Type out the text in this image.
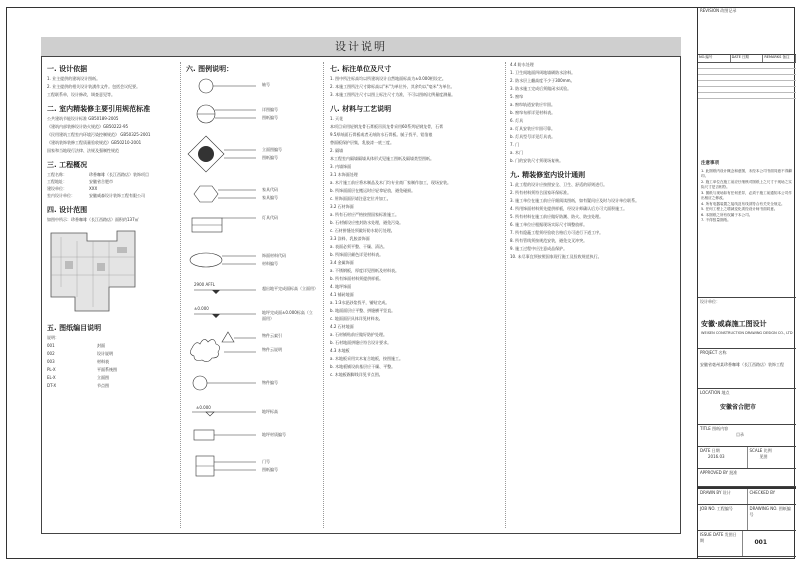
设计说明
一. 设计依据
1. 业主提供的建筑设计图纸。
2. 业主提供的相关设计装潢作文件。包括会议纪要。
工程联系单，设计修改，调查意见等。
二. 室内精装修主要引用规范标准
公共建筑节能设计标准 GB50189-2005
《建筑内部装修设计防火规范》GB50222-95
《民用建筑工程室内环境污染控制规范》 GB50325-2001
《建筑装饰装修工程质量验收规范》GB50210-2001
国家和当地现行法律、法规及强制性规范
三. 工程概况
工程名称：	珍香咖啡（长江西路店）装饰项目
工程地址：	安徽省合肥市
建设单位：	XXX
室内设计单位：	安徽威森设计装饰工程有限公司
四. 设计范围
如图中所示：珍香咖啡（长江西路店）面积约137㎡
五. 图纸编目说明
说明：
001	封面
002	设计说明
003	材料表
PL-X	平面系统图
EL-X	立面图
DT-X	节点图
六. 图例说明：
轴号
详图编号
图纸编号
立面图编号
图纸编号
家具代码
家具编号
灯具代码
饰面材料代码
材料编号
2900 AFFL
超出地平完成面标高（立面用）
±0.000
地坪完成面±0.000标高（立面用）
物件云索引
物件云说明
物件编号
±0.000
地坪标高
地坪材质编号
门号
图纸编号
七. 标注单位及尺寸
1. 图中所注标高均以所建筑设计自然地面标高为±0.000相设定。
2. 本施工图所注尺寸除标高以"米"为单位外，其余均以"毫米"为单位。
3. 本施工图所注尺寸以图上标注尺寸为准，不可以图纸比例量度测量。
八. 材料与工艺说明
1. 天花
本项目采用轻钢龙骨石膏板吊顶龙骨采用60系列轻钢龙骨，石膏
9.5厚纸面石膏板或者无纸防水石膏板。腻子找平，铝箔裱
替面板保护层集，乳胶漆一底三度。
2. 隔墙
本工程室内隔墙隔墙具体形式见施工图纸及隔墙类型图纸。
3. 内墙饰面
3.1 木饰面处理
a. 木片施工前应将木制品及木门均专业商厂家制作加工，现场安装。
b. 所饰面面层在搬运时应轻拿轻放，避免碰损。
c. 所饰面面层请注意定位并加工。
3.2 石材饰面
a. 所有石材应严格按照国家标准施工。
b. 石材铺设应密封防水处理，避免污染。
c. 石材拼缝处须做好防水防污处理。
3.3 涂料、乳胶漆饰面
a. 表面必须平整、干燥、清洁。
b. 所饰面层颜色详见材料表。
3.4 金属饰面
a. 不锈钢板，厚度详见图纸及材料表。
b. 所有饰面材料须提供样板。
4. 地坪饰面
4.1 铺砖地面
a. 1:3水泥砂浆找平，铺贴完成。
b. 地面面层应平整、拼缝横平竖直。
c. 地面面层具体详见材料表。
4.2 石材地面
a. 石材铺贴前应做好防护处理。
b. 石材地面拼缝应符合设计要求。
4.3 木地板
a. 木地板采用实木复合地板，按图施工。
b. 木地板铺设前基层应干燥、平整。
c. 木地板踢脚线详见节点图。
4.4 防水处理
1. 卫生间地面四周地墙刷防水涂料。
2. 防水层上翻高度不少于300mm。
3. 防水施工完成后须做闭水试验。
5. 窗帘
a. 窗帘轨道安装应牢固。
b. 窗帘布样详见材料表。
6. 灯具
a. 灯具安装应牢固可靠。
b. 灯具型号详见灯具表。
7. 门
a. 木门
b. 门的安装尺寸须现场复核。
九. 精装修室内设计通则
1. 此工程的设计应按照安全、卫生、舒适的原则进行。
2. 所有材料须符合国家环保标准。
3. 施工单位在施工前应仔细阅读图纸，如有疑问应及时与设计单位联系。
4. 所用饰面材料须先提供样板，经设计师确认后方可大面积施工。
5. 所有材料在施工前应做好防潮、防火、防虫处理。
6. 施工单位应根据现场实际尺寸调整放样。
7. 所有隐蔽工程须经验收合格后方可进行下道工序。
8. 所有管线须按规范安装，避免交叉冲突。
9. 施工过程中应注意成品保护。
10. 未尽事宜须按照国家现行施工及验收规范执行。
REVISION 改图记录
NO.编号	DATE 日期	REMARKS 备注
注意事项
1. 此图纸内设计概念和意图，未经本公司书面同意不得翻印。
2. 施工单位在施工前应仔细核对图纸上之尺寸于现场之实际尺寸是否相符。
3. 图纸与现场如有任何差异，必须于施工前通知本公司作出相应之修改。
4. 所有电器装置之接线及布线须符合有关安全规定。
5. 任何工程上之增减变化须经设计师书面同意。
6. 本图纸之所有权属于本公司。
7. 不得按量图纸。
设计单位：
安徽·威森施工图设计
WEISEN CONSTRUCTION DRAWING DESIGN CO., LTD
PROJECT 名称
安徽省亳州某珍香咖啡（长江西路店）装饰工程
LOCATION 地点
安徽省合肥市
TITLE 图纸内容
目录
DATE 日期
2016.03
SCALE 比例
见图
APPROVED BY 批准
DRAWN BY 设计	CHECKED BY
JOB NO. 工程编号	DRAWING NO. 图纸编号
ISSUE DATE 发图日期	001
